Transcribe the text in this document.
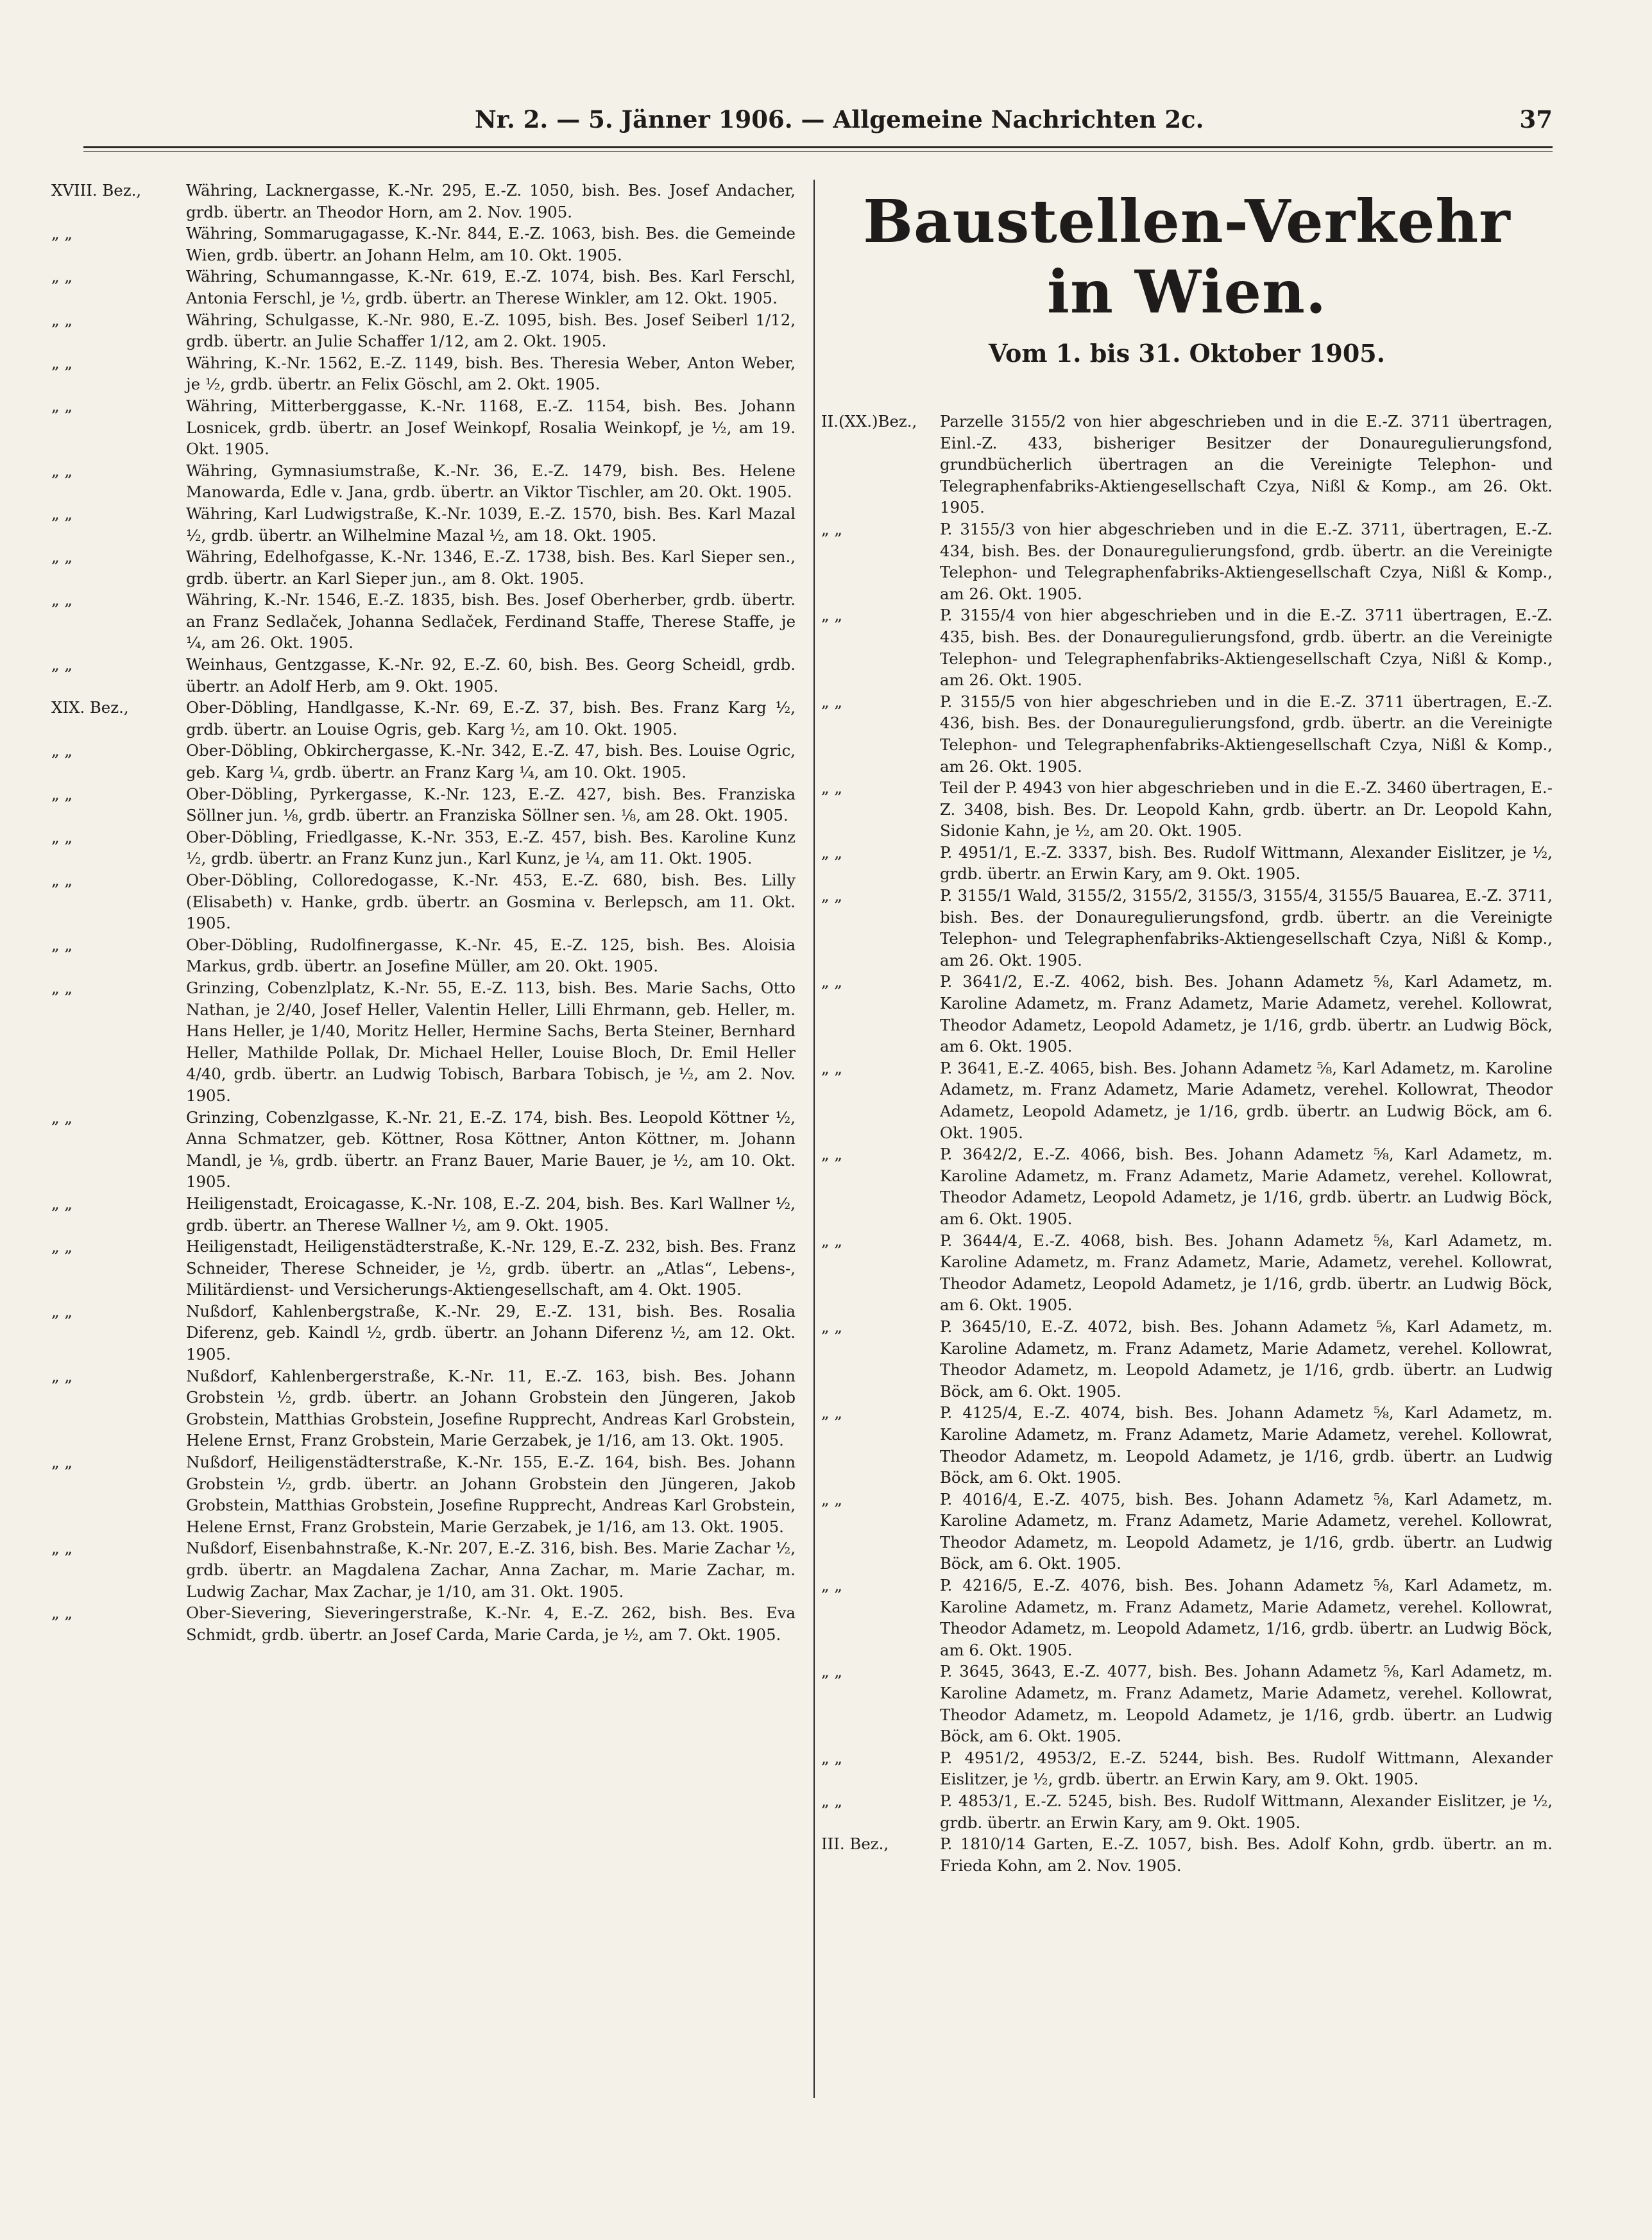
Nr. 2. — 5. Jänner 1906. — Allgemeine Nachrichten 2c.	37
XVIII. Bez.,	Währing, Lacknergasse, K.-Nr. 295, E.-Z. 1050, bish. Bes. Josef Andacher, grdb. übertr. an Theodor Horn, am 2. Nov. 1905.
„ „	Währing, Sommarugagasse, K.-Nr. 844, E.-Z. 1063, bish. Bes. die Gemeinde Wien, grdb. übertr. an Johann Helm, am 10. Okt. 1905.
„ „	Währing, Schumanngasse, K.-Nr. 619, E.-Z. 1074, bish. Bes. Karl Ferschl, Antonia Ferschl, je ½, grdb. übertr. an Therese Winkler, am 12. Okt. 1905.
„ „	Währing, Schulgasse, K.-Nr. 980, E.-Z. 1095, bish. Bes. Josef Seiberl 1/12, grdb. übertr. an Julie Schaffer 1/12, am 2. Okt. 1905.
„ „	Währing, K.-Nr. 1562, E.-Z. 1149, bish. Bes. Theresia Weber, Anton Weber, je ½, grdb. übertr. an Felix Göschl, am 2. Okt. 1905.
„ „	Währing, Mitterberggasse, K.-Nr. 1168, E.-Z. 1154, bish. Bes. Johann Losnicek, grdb. übertr. an Josef Weinkopf, Rosalia Weinkopf, je ½, am 19. Okt. 1905.
„ „	Währing, Gymnasiumstraße, K.-Nr. 36, E.-Z. 1479, bish. Bes. Helene Manowarda, Edle v. Jana, grdb. übertr. an Viktor Tischler, am 20. Okt. 1905.
„ „	Währing, Karl Ludwigstraße, K.-Nr. 1039, E.-Z. 1570, bish. Bes. Karl Mazal ½, grdb. übertr. an Wilhelmine Mazal ½, am 18. Okt. 1905.
„ „	Währing, Edelhofgasse, K.-Nr. 1346, E.-Z. 1738, bish. Bes. Karl Sieper sen., grdb. übertr. an Karl Sieper jun., am 8. Okt. 1905.
„ „	Währing, K.-Nr. 1546, E.-Z. 1835, bish. Bes. Josef Oberherber, grdb. übertr. an Franz Sedlaček, Johanna Sedlaček, Ferdinand Staffe, Therese Staffe, je ¼, am 26. Okt. 1905.
„ „	Weinhaus, Gentzgasse, K.-Nr. 92, E.-Z. 60, bish. Bes. Georg Scheidl, grdb. übertr. an Adolf Herb, am 9. Okt. 1905.
XIX. Bez.,	Ober-Döbling, Handlgasse, K.-Nr. 69, E.-Z. 37, bish. Bes. Franz Karg ½, grdb. übertr. an Louise Ogris, geb. Karg ½, am 10. Okt. 1905.
„ „	Ober-Döbling, Obkirchergasse, K.-Nr. 342, E.-Z. 47, bish. Bes. Louise Ogric, geb. Karg ¼, grdb. übertr. an Franz Karg ¼, am 10. Okt. 1905.
„ „	Ober-Döbling, Pyrkergasse, K.-Nr. 123, E.-Z. 427, bish. Bes. Franziska Söllner jun. ⅛, grdb. übertr. an Franziska Söllner sen. ⅛, am 28. Okt. 1905.
„ „	Ober-Döbling, Friedlgasse, K.-Nr. 353, E.-Z. 457, bish. Bes. Karoline Kunz ½, grdb. übertr. an Franz Kunz jun., Karl Kunz, je ¼, am 11. Okt. 1905.
„ „	Ober-Döbling, Colloredogasse, K.-Nr. 453, E.-Z. 680, bish. Bes. Lilly (Elisabeth) v. Hanke, grdb. übertr. an Gosmina v. Berlepsch, am 11. Okt. 1905.
„ „	Ober-Döbling, Rudolfinergasse, K.-Nr. 45, E.-Z. 125, bish. Bes. Aloisia Markus, grdb. übertr. an Josefine Müller, am 20. Okt. 1905.
„ „	Grinzing, Cobenzlplatz, K.-Nr. 55, E.-Z. 113, bish. Bes. Marie Sachs, Otto Nathan, je 2/40, Josef Heller, Valentin Heller, Lilli Ehrmann, geb. Heller, m. Hans Heller, je 1/40, Moritz Heller, Hermine Sachs, Berta Steiner, Bernhard Heller, Mathilde Pollak, Dr. Michael Heller, Louise Bloch, Dr. Emil Heller 4/40, grdb. übertr. an Ludwig Tobisch, Barbara Tobisch, je ½, am 2. Nov. 1905.
„ „	Grinzing, Cobenzlgasse, K.-Nr. 21, E.-Z. 174, bish. Bes. Leopold Köttner ½, Anna Schmatzer, geb. Köttner, Rosa Köttner, Anton Köttner, m. Johann Mandl, je ⅛, grdb. übertr. an Franz Bauer, Marie Bauer, je ½, am 10. Okt. 1905.
„ „	Heiligenstadt, Eroicagasse, K.-Nr. 108, E.-Z. 204, bish. Bes. Karl Wallner ½, grdb. übertr. an Therese Wallner ½, am 9. Okt. 1905.
„ „	Heiligenstadt, Heiligenstädterstraße, K.-Nr. 129, E.-Z. 232, bish. Bes. Franz Schneider, Therese Schneider, je ½, grdb. übertr. an „Atlas“, Lebens-, Militärdienst- und Versicherungs-Aktiengesellschaft, am 4. Okt. 1905.
„ „	Nußdorf, Kahlenbergstraße, K.-Nr. 29, E.-Z. 131, bish. Bes. Rosalia Diferenz, geb. Kaindl ½, grdb. übertr. an Johann Diferenz ½, am 12. Okt. 1905.
„ „	Nußdorf, Kahlenbergerstraße, K.-Nr. 11, E.-Z. 163, bish. Bes. Johann Grobstein ½, grdb. übertr. an Johann Grobstein den Jüngeren, Jakob Grobstein, Matthias Grobstein, Josefine Rupprecht, Andreas Karl Grobstein, Helene Ernst, Franz Grobstein, Marie Gerzabek, je 1/16, am 13. Okt. 1905.
„ „	Nußdorf, Heiligenstädterstraße, K.-Nr. 155, E.-Z. 164, bish. Bes. Johann Grobstein ½, grdb. übertr. an Johann Grobstein den Jüngeren, Jakob Grobstein, Matthias Grobstein, Josefine Rupprecht, Andreas Karl Grobstein, Helene Ernst, Franz Grobstein, Marie Gerzabek, je 1/16, am 13. Okt. 1905.
„ „	Nußdorf, Eisenbahnstraße, K.-Nr. 207, E.-Z. 316, bish. Bes. Marie Zachar ½, grdb. übertr. an Magdalena Zachar, Anna Zachar, m. Marie Zachar, m. Ludwig Zachar, Max Zachar, je 1/10, am 31. Okt. 1905.
„ „	Ober-Sievering, Sieveringerstraße, K.-Nr. 4, E.-Z. 262, bish. Bes. Eva Schmidt, grdb. übertr. an Josef Carda, Marie Carda, je ½, am 7. Okt. 1905.
Baustellen-Verkehr in Wien.
Vom 1. bis 31. Oktober 1905.
II.(XX.)Bez.,	Parzelle 3155/2 von hier abgeschrieben und in die E.-Z. 3711 übertragen, Einl.-Z. 433, bisheriger Besitzer der Donauregulierungsfond, grundbücherlich übertragen an die Vereinigte Telephon- und Telegraphenfabriks-Aktiengesellschaft Czya, Nißl & Komp., am 26. Okt. 1905.
„ „	P. 3155/3 von hier abgeschrieben und in die E.-Z. 3711, übertragen, E.-Z. 434, bish. Bes. der Donauregulierungsfond, grdb. übertr. an die Vereinigte Telephon- und Telegraphenfabriks-Aktiengesellschaft Czya, Nißl & Komp., am 26. Okt. 1905.
„ „	P. 3155/4 von hier abgeschrieben und in die E.-Z. 3711 übertragen, E.-Z. 435, bish. Bes. der Donauregulierungsfond, grdb. übertr. an die Vereinigte Telephon- und Telegraphenfabriks-Aktiengesellschaft Czya, Nißl & Komp., am 26. Okt. 1905.
„ „	P. 3155/5 von hier abgeschrieben und in die E.-Z. 3711 übertragen, E.-Z. 436, bish. Bes. der Donauregulierungsfond, grdb. übertr. an die Vereinigte Telephon- und Telegraphenfabriks-Aktiengesellschaft Czya, Nißl & Komp., am 26. Okt. 1905.
„ „	Teil der P. 4943 von hier abgeschrieben und in die E.-Z. 3460 übertragen, E.-Z. 3408, bish. Bes. Dr. Leopold Kahn, grdb. übertr. an Dr. Leopold Kahn, Sidonie Kahn, je ½, am 20. Okt. 1905.
„ „	P. 4951/1, E.-Z. 3337, bish. Bes. Rudolf Wittmann, Alexander Eislitzer, je ½, grdb. übertr. an Erwin Kary, am 9. Okt. 1905.
„ „	P. 3155/1 Wald, 3155/2, 3155/2, 3155/3, 3155/4, 3155/5 Bauarea, E.-Z. 3711, bish. Bes. der Donauregulierungsfond, grdb. übertr. an die Vereinigte Telephon- und Telegraphenfabriks-Aktiengesellschaft Czya, Nißl & Komp., am 26. Okt. 1905.
„ „	P. 3641/2, E.-Z. 4062, bish. Bes. Johann Adametz ⅝, Karl Adametz, m. Karoline Adametz, m. Franz Adametz, Marie Adametz, verehel. Kollowrat, Theodor Adametz, Leopold Adametz, je 1/16, grdb. übertr. an Ludwig Böck, am 6. Okt. 1905.
„ „	P. 3641, E.-Z. 4065, bish. Bes. Johann Adametz ⅝, Karl Adametz, m. Karoline Adametz, m. Franz Adametz, Marie Adametz, verehel. Kollowrat, Theodor Adametz, Leopold Adametz, je 1/16, grdb. übertr. an Ludwig Böck, am 6. Okt. 1905.
„ „	P. 3642/2, E.-Z. 4066, bish. Bes. Johann Adametz ⅝, Karl Adametz, m. Karoline Adametz, m. Franz Adametz, Marie Adametz, verehel. Kollowrat, Theodor Adametz, Leopold Adametz, je 1/16, grdb. übertr. an Ludwig Böck, am 6. Okt. 1905.
„ „	P. 3644/4, E.-Z. 4068, bish. Bes. Johann Adametz ⅝, Karl Adametz, m. Karoline Adametz, m. Franz Adametz, Marie, Adametz, verehel. Kollowrat, Theodor Adametz, Leopold Adametz, je 1/16, grdb. übertr. an Ludwig Böck, am 6. Okt. 1905.
„ „	P. 3645/10, E.-Z. 4072, bish. Bes. Johann Adametz ⅝, Karl Adametz, m. Karoline Adametz, m. Franz Adametz, Marie Adametz, verehel. Kollowrat, Theodor Adametz, m. Leopold Adametz, je 1/16, grdb. übertr. an Ludwig Böck, am 6. Okt. 1905.
„ „	P. 4125/4, E.-Z. 4074, bish. Bes. Johann Adametz ⅝, Karl Adametz, m. Karoline Adametz, m. Franz Adametz, Marie Adametz, verehel. Kollowrat, Theodor Adametz, m. Leopold Adametz, je 1/16, grdb. übertr. an Ludwig Böck, am 6. Okt. 1905.
„ „	P. 4016/4, E.-Z. 4075, bish. Bes. Johann Adametz ⅝, Karl Adametz, m. Karoline Adametz, m. Franz Adametz, Marie Adametz, verehel. Kollowrat, Theodor Adametz, m. Leopold Adametz, je 1/16, grdb. übertr. an Ludwig Böck, am 6. Okt. 1905.
„ „	P. 4216/5, E.-Z. 4076, bish. Bes. Johann Adametz ⅝, Karl Adametz, m. Karoline Adametz, m. Franz Adametz, Marie Adametz, verehel. Kollowrat, Theodor Adametz, m. Leopold Adametz, 1/16, grdb. übertr. an Ludwig Böck, am 6. Okt. 1905.
„ „	P. 3645, 3643, E.-Z. 4077, bish. Bes. Johann Adametz ⅝, Karl Adametz, m. Karoline Adametz, m. Franz Adametz, Marie Adametz, verehel. Kollowrat, Theodor Adametz, m. Leopold Adametz, je 1/16, grdb. übertr. an Ludwig Böck, am 6. Okt. 1905.
„ „	P. 4951/2, 4953/2, E.-Z. 5244, bish. Bes. Rudolf Wittmann, Alexander Eislitzer, je ½, grdb. übertr. an Erwin Kary, am 9. Okt. 1905.
„ „	P. 4853/1, E.-Z. 5245, bish. Bes. Rudolf Wittmann, Alexander Eislitzer, je ½, grdb. übertr. an Erwin Kary, am 9. Okt. 1905.
III. Bez.,	P. 1810/14 Garten, E.-Z. 1057, bish. Bes. Adolf Kohn, grdb. übertr. an m. Frieda Kohn, am 2. Nov. 1905.
